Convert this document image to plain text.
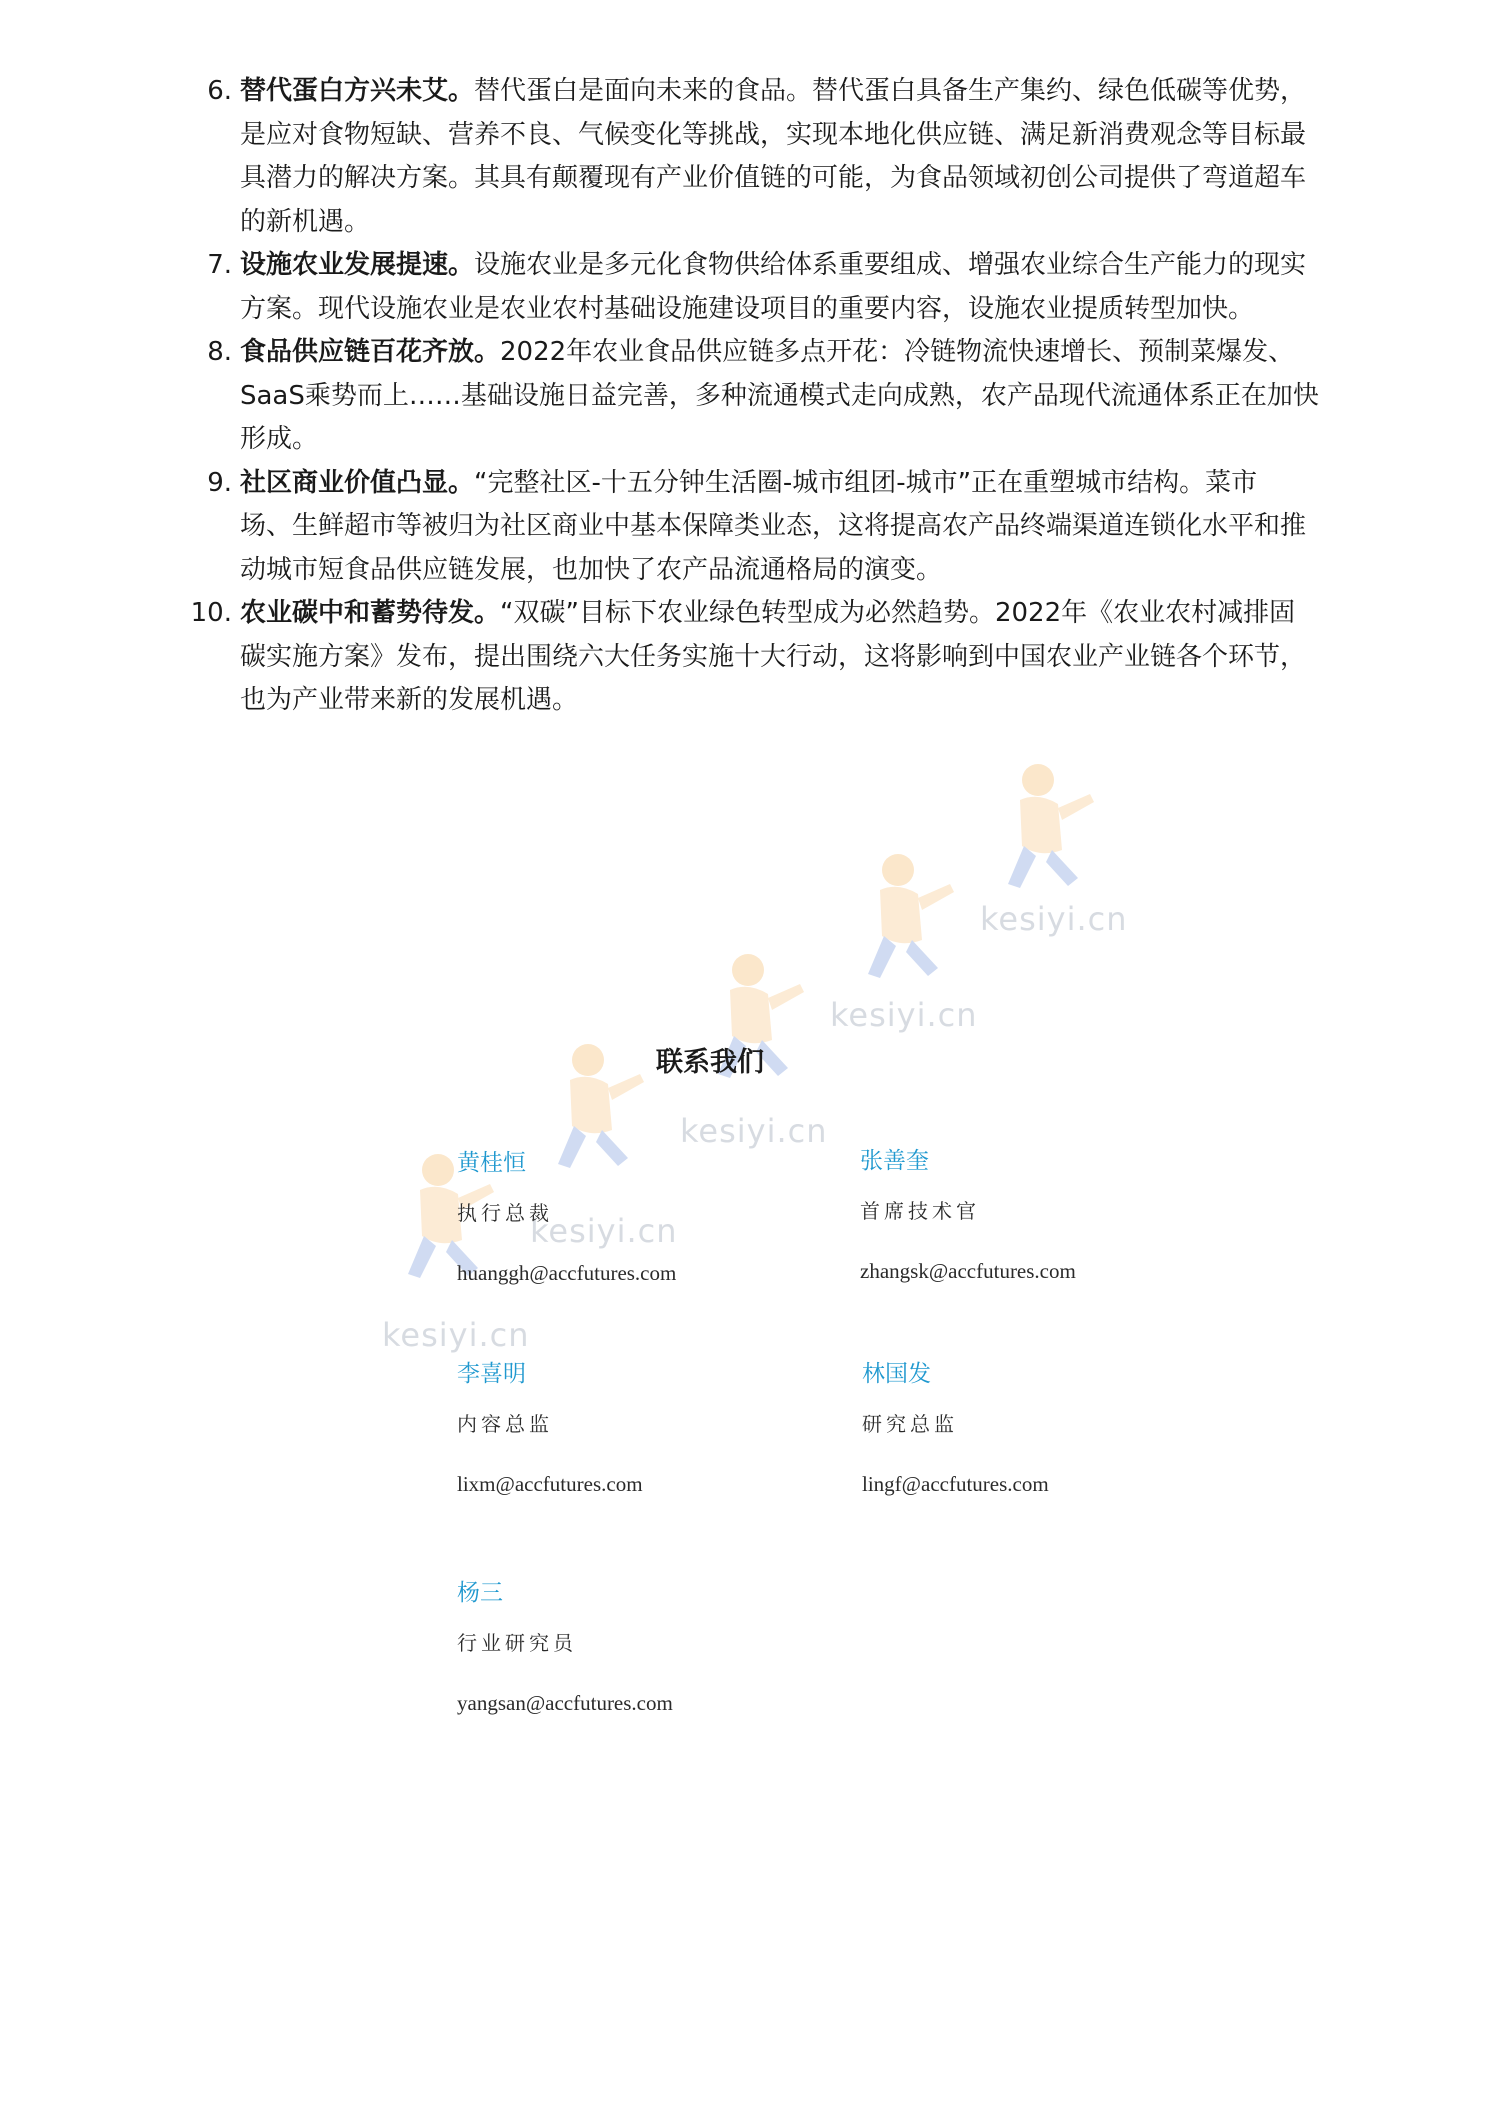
6. 替代蛋白方兴未艾。替代蛋白是面向未来的食品。替代蛋白具备生产集约、绿色低碳等优势，
是应对食物短缺、营养不良、气候变化等挑战，实现本地化供应链、满足新消费观念等目标最
具潜力的解决方案。其具有颠覆现有产业价值链的可能，为食品领域初创公司提供了弯道超车
的新机遇。
7. 设施农业发展提速。设施农业是多元化食物供给体系重要组成、增强农业综合生产能力的现实
方案。现代设施农业是农业农村基础设施建设项目的重要内容，设施农业提质转型加快。
8. 食品供应链百花齐放。2022年农业食品供应链多点开花：冷链物流快速增长、预制菜爆发、
SaaS乘势而上……基础设施日益完善，多种流通模式走向成熟，农产品现代流通体系正在加快
形成。
9. 社区商业价值凸显。“完整社区-十五分钟生活圈-城市组团-城市”正在重塑城市结构。菜市
场、生鲜超市等被归为社区商业中基本保障类业态，这将提高农产品终端渠道连锁化水平和推
动城市短食品供应链发展，也加快了农产品流通格局的演变。
10. 农业碳中和蓄势待发。“双碳”目标下农业绿色转型成为必然趋势。2022年《农业农村减排固
碳实施方案》发布，提出围绕六大任务实施十大行动，这将影响到中国农业产业链各个环节，
也为产业带来新的发展机遇。
kesiyi.cn
kesiyi.cn
kesiyi.cn
kesiyi.cn
kesiyi.cn
联系我们
黄桂恒
执行总裁
huanggh@accfutures.com
张善奎
首席技术官
zhangsk@accfutures.com
李喜明
内容总监
lixm@accfutures.com
林国发
研究总监
lingf@accfutures.com
杨三
行业研究员
yangsan@accfutures.com
